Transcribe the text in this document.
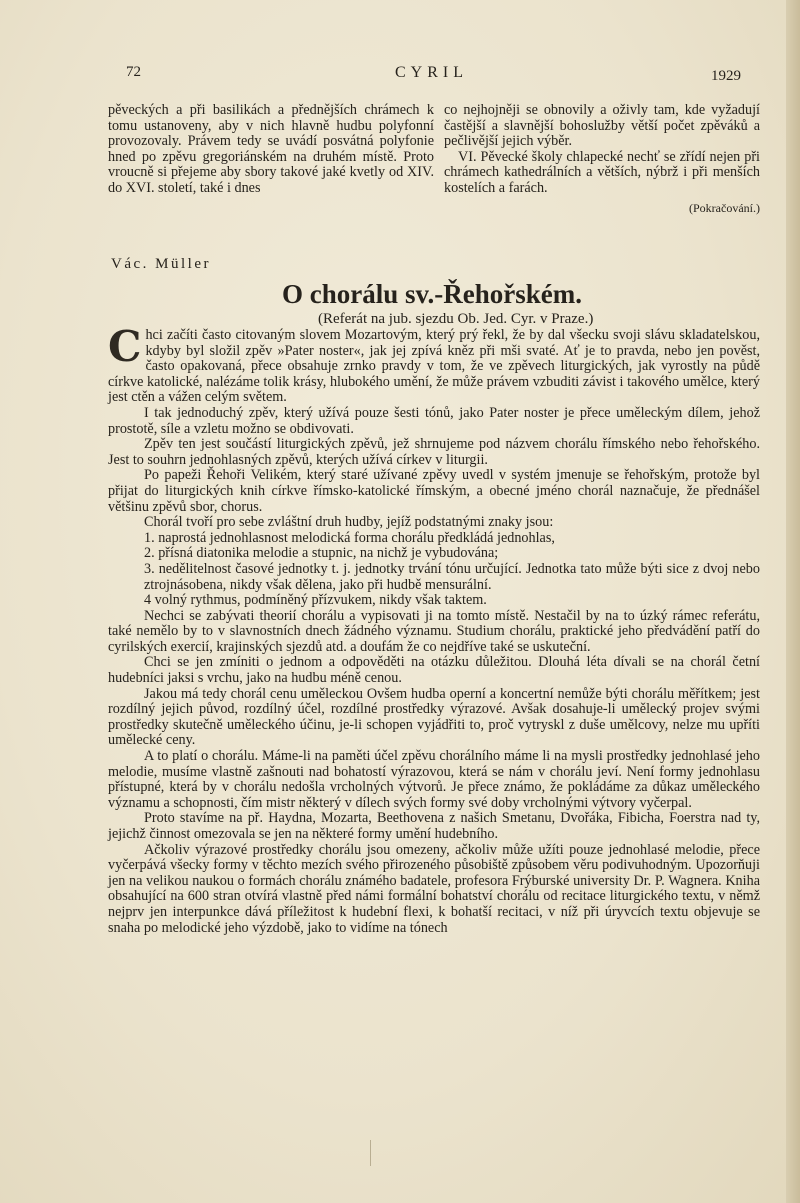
72	CYRIL	1929

pěveckých a při basilikách a přednějších chrámech k tomu ustanoveny, aby v nich hlavně hudbu polyfonní provozovaly. Právem tedy se uvádí posvátná polyfonie hned po zpěvu gregoriánském na druhém místě. Proto vroucně si přejeme aby sbory takové jaké kvetly od XIV. do XVI. století, také i dnes

co nejhojněji se obnovily a oživly tam, kde vyžadují častější a slavnější bohoslužby větší počet zpěváků a pečlivější jejich výběr.

VI. Pěvecké školy chlapecké nechť se zřídí nejen při chrámech kathedrálních a větších, nýbrž i při menších kostelích a farách.

(Pokračování.)

Vác. Müller
O chorálu sv.-Řehořském.
(Referát na jub. sjezdu Ob. Jed. Cyr. v Praze.)

Chci začíti často citovaným slovem Mozartovým, který prý řekl, že by dal všecku svoji slávu skladatelskou, kdyby byl složil zpěv »Pater noster«, jak jej zpívá kněz při mši svaté. Ať je to pravda, nebo jen pověst, často opakovaná, přece obsahuje zrnko pravdy v tom, že ve zpěvech liturgických, jak vyrostly na půdě církve katolické, nalézáme tolik krásy, hlubokého umění, že může právem vzbuditi závist i takového umělce, který jest ctěn a vážen celým světem.

I tak jednoduchý zpěv, který užívá pouze šesti tónů, jako Pater noster je přece uměleckým dílem, jehož prostotě, síle a vzletu možno se obdivovati.

Zpěv ten jest součástí liturgických zpěvů, jež shrnujeme pod názvem chorálu římského nebo řehořského. Jest to souhrn jednohlasných zpěvů, kterých užívá církev v liturgii.

Po papeži Řehoři Velikém, který staré užívané zpěvy uvedl v systém jmenuje se řehořským, protože byl přijat do liturgických knih církve římsko-katolické římským, a obecné jméno chorál naznačuje, že přednášel většinu zpěvů sbor, chorus.

Chorál tvoří pro sebe zvláštní druh hudby, jejíž podstatnými znaky jsou:

1. naprostá jednohlasnost melodická forma chorálu předkládá jednohlas,
2. přísná diatonika melodie a stupnic, na nichž je vybudována;
3. nedělitelnost časové jednotky t. j. jednotky trvání tónu určující. Jednotka tato může býti sice z dvoj nebo ztrojnásobena, nikdy však dělena, jako při hudbě mensurální.
4 volný rythmus, podmíněný přízvukem, nikdy však taktem.

Nechci se zabývati theorií chorálu a vypisovati ji na tomto místě. Nestačil by na to úzký rámec referátu, také nemělo by to v slavnostních dnech žádného významu. Studium chorálu, praktické jeho předvádění patří do cyrilských exercií, krajinských sjezdů atd. a doufám že co nejdříve také se uskuteční.

Chci se jen zmíniti o jednom a odpověděti na otázku důležitou. Dlouhá léta dívali se na chorál četní hudebníci jaksi s vrchu, jako na hudbu méně cenou.

Jakou má tedy chorál cenu uměleckou Ovšem hudba operní a koncertní nemůže býti chorálu měřítkem; jest rozdílný jejich původ, rozdílný účel, rozdílné prostředky výrazové. Avšak dosahuje-li umělecký projev svými prostředky skutečně uměleckého účinu, je-li schopen vyjádřiti to, proč vytryskl z duše umělcovy, nelze mu upříti umělecké ceny.

A to platí o chorálu. Máme-li na paměti účel zpěvu chorálního máme li na mysli prostředky jednohlasé jeho melodie, musíme vlastně zašnouti nad bohatostí výrazovou, která se nám v chorálu jeví. Není formy jednohlasu přístupné, která by v chorálu nedošla vrcholných výtvorů. Je přece známo, že pokládáme za důkaz uměleckého významu a schopnosti, čím mistr některý v dílech svých formy své doby vrcholnými výtvory vyčerpal.

Proto stavíme na př. Haydna, Mozarta, Beethovena z našich Smetanu, Dvořáka, Fibicha, Foerstra nad ty, jejichž činnost omezovala se jen na některé formy umění hudebního.

Ačkoliv výrazové prostředky chorálu jsou omezeny, ačkoliv může užíti pouze jednohlasé melodie, přece vyčerpává všecky formy v těchto mezích svého přirozeného působiště způsobem věru podivuhodným. Upozorňuji jen na velikou naukou o formách chorálu známého badatele, profesora Frýburské university Dr. P. Wagnera. Kniha obsahující na 600 stran otvírá vlastně před námi formální bohatství chorálu od recitace liturgického textu, v němž nejprv jen interpunkce dává příležitost k hudební flexi, k bohatší recitaci, v níž při úryvcích textu objevuje se snaha po melodické jeho výzdobě, jako to vidíme na tónech
